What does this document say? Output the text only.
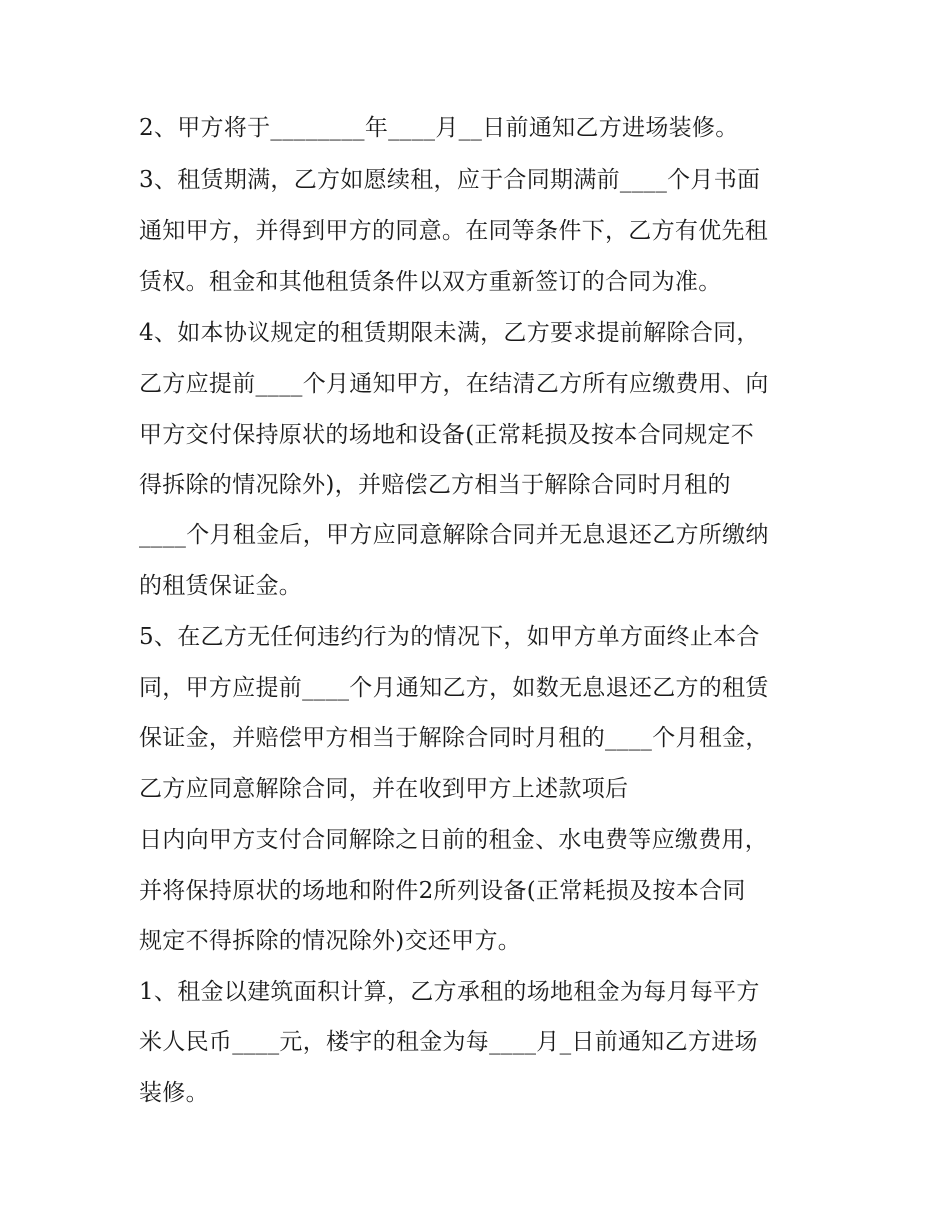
2、甲方将于________年____月__日前通知乙方进场装修。
3、租赁期满，乙方如愿续租，应于合同期满前____个月书面
通知甲方，并得到甲方的同意。在同等条件下，乙方有优先租
赁权。租金和其他租赁条件以双方重新签订的合同为准。
4、如本协议规定的租赁期限未满，乙方要求提前解除合同，
乙方应提前____个月通知甲方，在结清乙方所有应缴费用、向
甲方交付保持原状的场地和设备(正常耗损及按本合同规定不
得拆除的情况除外)，并赔偿乙方相当于解除合同时月租的
____个月租金后，甲方应同意解除合同并无息退还乙方所缴纳
的租赁保证金。
5、在乙方无任何违约行为的情况下，如甲方单方面终止本合
同，甲方应提前____个月通知乙方，如数无息退还乙方的租赁
保证金，并赔偿甲方相当于解除合同时月租的____个月租金，
乙方应同意解除合同，并在收到甲方上述款项后
日内向甲方支付合同解除之日前的租金、水电费等应缴费用，
并将保持原状的场地和附件2所列设备(正常耗损及按本合同
规定不得拆除的情况除外)交还甲方。
1、租金以建筑面积计算，乙方承租的场地租金为每月每平方
米人民币____元，楼宇的租金为每____月_日前通知乙方进场
装修。
